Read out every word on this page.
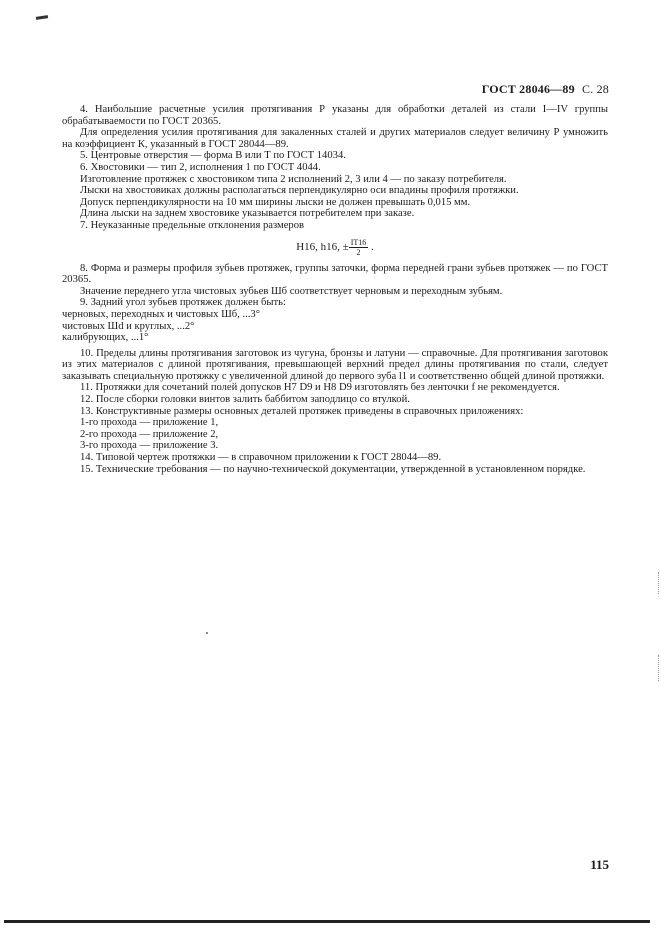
ГОСТ 28046—89 С. 28

4. Наибольшие расчетные усилия протягивания Р указаны для обработки деталей из стали I—IV группы обрабатываемости по ГОСТ 20365.

Для определения усилия протягивания для закаленных сталей и других материалов следует величину Р умножить на коэффициент К, указанный в ГОСТ 28044—89.

5. Центровые отверстия — форма В или Т по ГОСТ 14034.

6. Хвостовики — тип 2, исполнения 1 по ГОСТ 4044.

Изготовление протяжек с хвостовиком типа 2 исполнений 2, 3 или 4 — по заказу потребителя.

Лыски на хвостовиках должны располагаться перпендикулярно оси впадины профиля протяжки.

Допуск перпендикулярности на 10 мм ширины лыски не должен превышать 0,015 мм.

Длина лыски на заднем хвостовике указывается потребителем при заказе.

7. Неуказанные предельные отклонения размеров

H16, h16, ± $\frac{IT16}{2}$ .

8. Форма и размеры профиля зубьев протяжек, группы заточки, форма передней грани зубьев протяжек — по ГОСТ 20365.

Значение переднего угла чистовых зубьев Шб соответствует черновым и переходным зубьям.

9. Задний угол зубьев протяжек должен быть:

черновых, переходных и чистовых Шб, ...3°

чистовых Шd и круглых, ...2°

калибрующих, ...1°

10. Пределы длины протягивания заготовок из чугуна, бронзы и латуни — справочные. Для протягивания заготовок из этих материалов с длиной протягивания, превышающей верхний предел длины протягивания по стали, следует заказывать специальную протяжку с увеличенной длиной до первого зуба l1 и соответственно общей длиной протяжки.

11. Протяжки для сочетаний полей допусков H7 D9 и H8 D9 изготовлять без ленточки f не рекомендуется.

12. После сборки головки винтов залить баббитом заподлицо со втулкой.

13. Конструктивные размеры основных деталей протяжек приведены в справочных приложениях:

1-го прохода — приложение 1,

2-го прохода — приложение 2,

3-го прохода — приложение 3.

14. Типовой чертеж протяжки — в справочном приложении к ГОСТ 28044—89.

15. Технические требования — по научно-технической документации, утвержденной в установленном порядке.

115
